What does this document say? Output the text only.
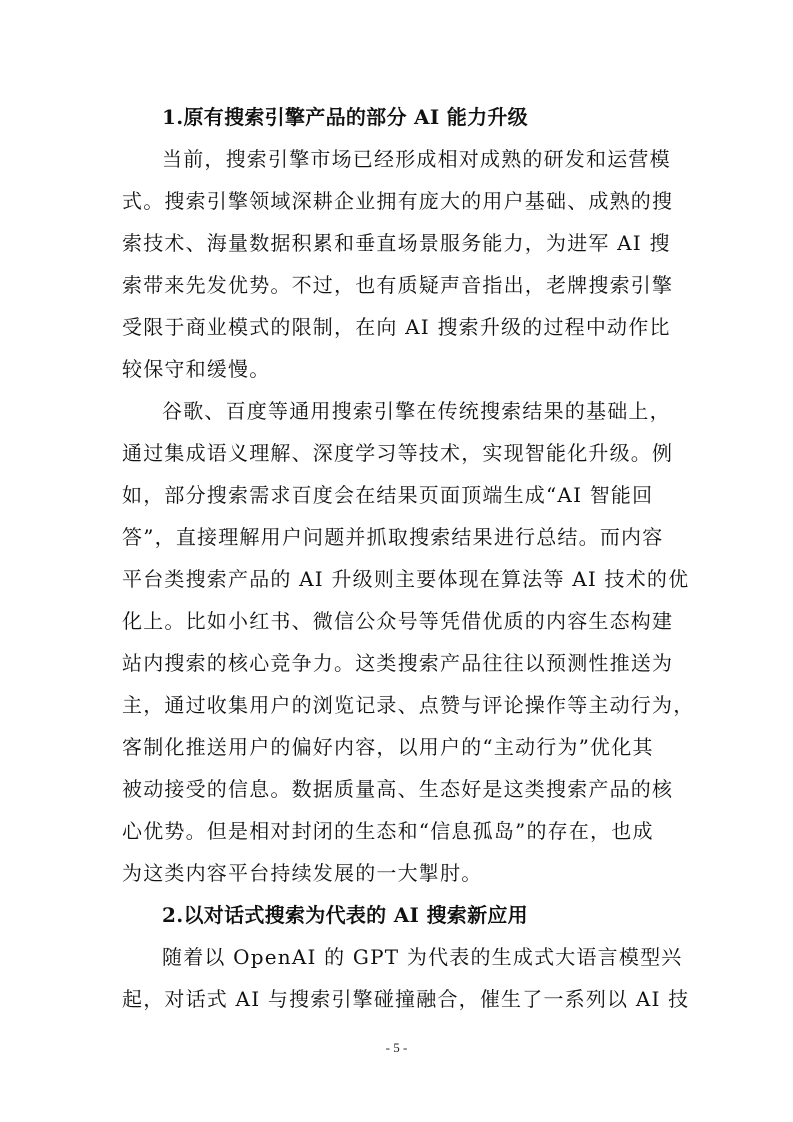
1.原有搜索引擎产品的部分 AI 能力升级

当前，搜索引擎市场已经形成相对成熟的研发和运营模
式。搜索引擎领域深耕企业拥有庞大的用户基础、成熟的搜
索技术、海量数据积累和垂直场景服务能力，为进军 AI 搜
索带来先发优势。不过，也有质疑声音指出，老牌搜索引擎
受限于商业模式的限制，在向 AI 搜索升级的过程中动作比
较保守和缓慢。

谷歌、百度等通用搜索引擎在传统搜索结果的基础上，
通过集成语义理解、深度学习等技术，实现智能化升级。例
如，部分搜索需求百度会在结果页面顶端生成“AI 智能回
答”，直接理解用户问题并抓取搜索结果进行总结。而内容
平台类搜索产品的 AI 升级则主要体现在算法等 AI 技术的优
化上。比如小红书、微信公众号等凭借优质的内容生态构建
站内搜索的核心竞争力。这类搜索产品往往以预测性推送为
主，通过收集用户的浏览记录、点赞与评论操作等主动行为，
客制化推送用户的偏好内容，以用户的“主动行为”优化其
被动接受的信息。数据质量高、生态好是这类搜索产品的核
心优势。但是相对封闭的生态和“信息孤岛”的存在，也成
为这类内容平台持续发展的一大掣肘。

2.以对话式搜索为代表的 AI 搜索新应用

随着以 OpenAI 的 GPT 为代表的生成式大语言模型兴
起，对话式 AI 与搜索引擎碰撞融合，催生了一系列以 AI 技

- 5 -
